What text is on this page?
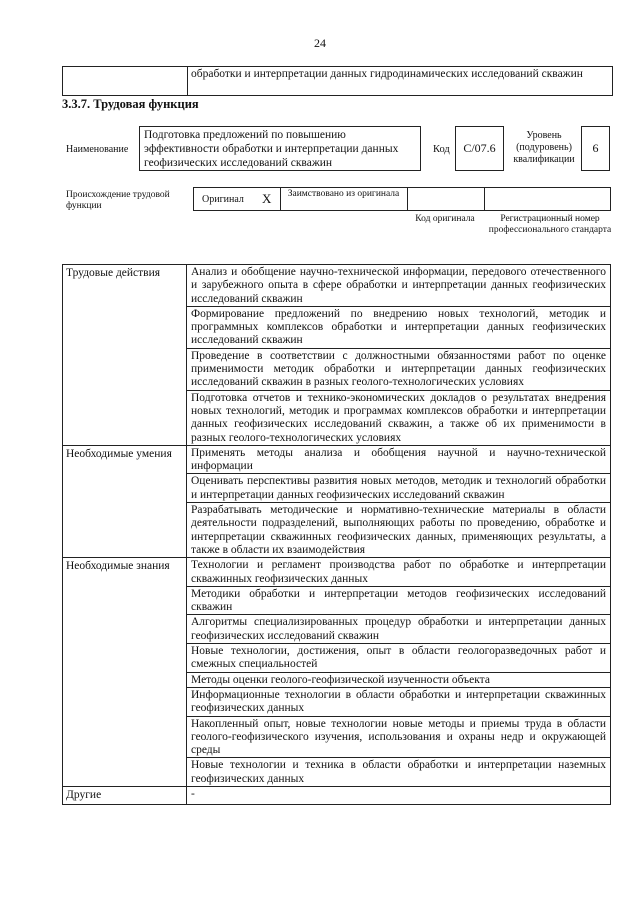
24
обработки и интерпретации данных гидродинамических исследований скважин
3.3.7. Трудовая функция
Наименование
Подготовка предложений по повышению эффективности обработки и интерпретации данных геофизических исследований скважин
Код	С/07.6
Уровень (подуровень) квалификации
6
Происхождение трудовой функции
Оригинал X	Заимствовано из оригинала
Код оригинала	Регистрационный номер профессионального стандарта
Трудовые действия	Анализ и обобщение научно-технической информации, передового отечественного и зарубежного опыта в сфере обработки и интерпретации данных геофизических исследований скважин
Формирование предложений по внедрению новых технологий, методик и программных комплексов обработки и интерпретации данных геофизических исследований скважин
Проведение в соответствии с должностными обязанностями работ по оценке применимости методик обработки и интерпретации данных геофизических исследований скважин в разных геолого-технологических условиях
Подготовка отчетов и технико-экономических докладов о результатах внедрения новых технологий, методик и программах комплексов обработки и интерпретации данных геофизических исследований скважин, а также об их применимости в разных геолого-технологических условиях
Необходимые умения	Применять методы анализа и обобщения научной и научно-технической информации
Оценивать перспективы развития новых методов, методик и технологий обработки и интерпретации данных геофизических исследований скважин
Разрабатывать методические и нормативно-технические материалы в области деятельности подразделений, выполняющих работы по проведению, обработке и интерпретации скважинных геофизических данных, применяющих результаты, а также в области их взаимодействия
Необходимые знания	Технологии и регламент производства работ по обработке и интерпретации скважинных геофизических данных
Методики обработки и интерпретации методов геофизических исследований скважин
Алгоритмы специализированных процедур обработки и интерпретации данных геофизических исследований скважин
Новые технологии, достижения, опыт в области геологоразведочных работ и смежных специальностей
Методы оценки геолого-геофизической изученности объекта
Информационные технологии в области обработки и интерпретации скважинных геофизических данных
Накопленный опыт, новые технологии новые методы и приемы труда в области геолого-геофизического изучения, использования и охраны недр и окружающей среды
Новые технологии и техника в области обработки и интерпретации наземных геофизических данных
Другие	-
